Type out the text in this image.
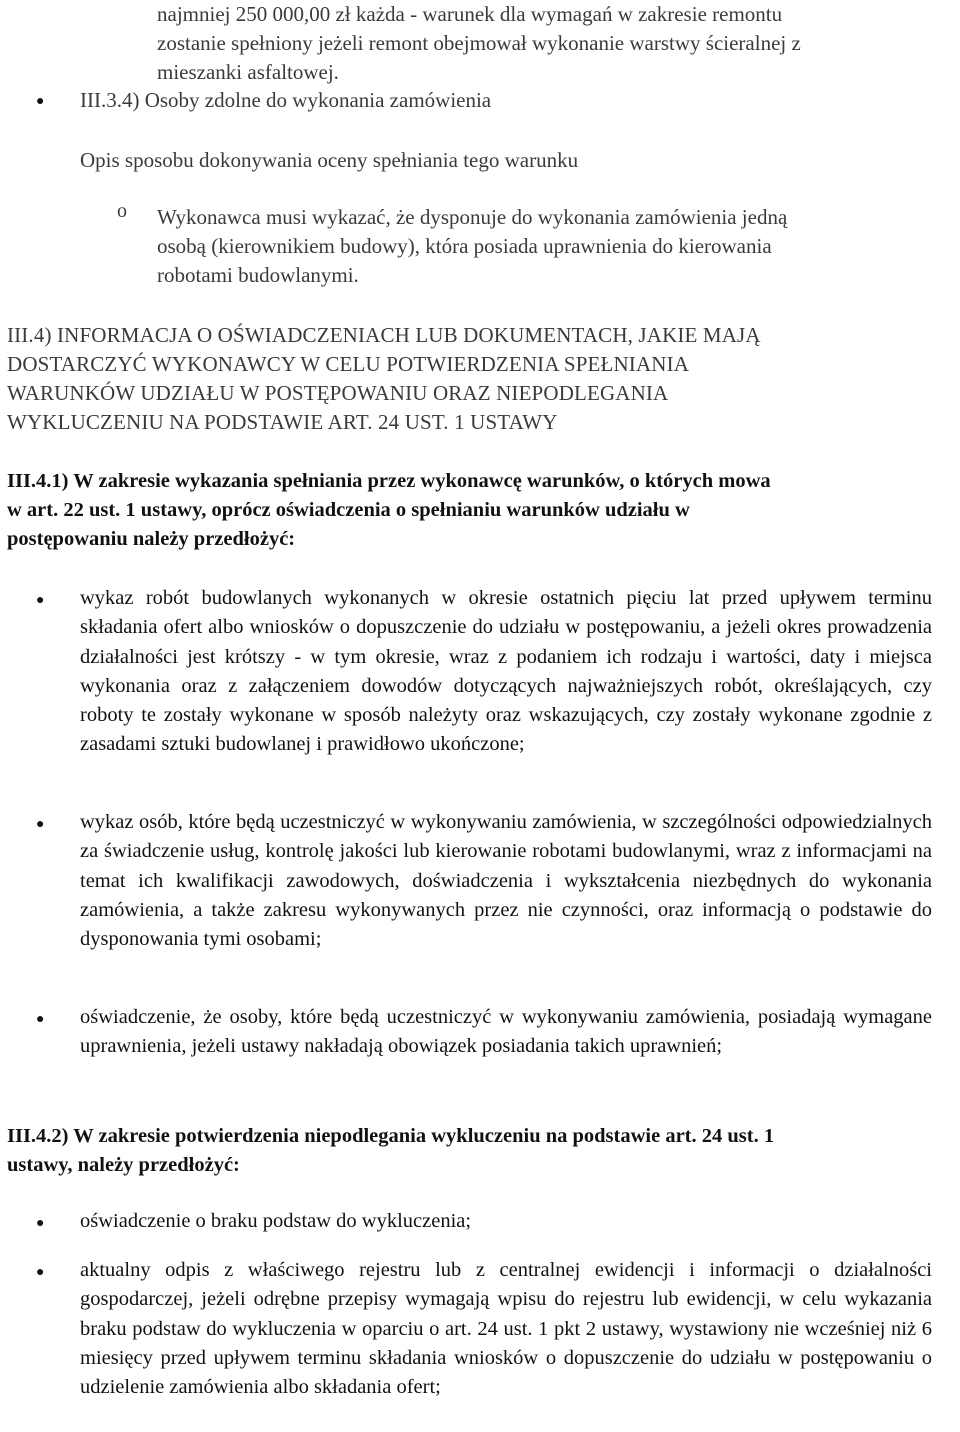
najmniej 250 000,00 zł każda - warunek dla wymagań w zakresie remontu
zostanie spełniony jeżeli remont obejmował wykonanie warstwy ścieralnej z
mieszanki asfaltowej.
● III.3.4) Osoby zdolne do wykonania zamówienia
Opis sposobu dokonywania oceny spełniania tego warunku
o Wykonawca musi wykazać, że dysponuje do wykonania zamówienia jedną
osobą (kierownikiem budowy), która posiada uprawnienia do kierowania
robotami budowlanymi.
III.4) INFORMACJA O OŚWIADCZENIACH LUB DOKUMENTACH, JAKIE MAJĄ
DOSTARCZYĆ WYKONAWCY W CELU POTWIERDZENIA SPEŁNIANIA
WARUNKÓW UDZIAŁU W POSTĘPOWANIU ORAZ NIEPODLEGANIA
WYKLUCZENIU NA PODSTAWIE ART. 24 UST. 1 USTAWY
III.4.1) W zakresie wykazania spełniania przez wykonawcę warunków, o których mowa
w art. 22 ust. 1 ustawy, oprócz oświadczenia o spełnianiu warunków udziału w
postępowaniu należy przedłożyć:
● wykaz robót budowlanych wykonanych w okresie ostatnich pięciu lat przed upływem terminu składania ofert albo wniosków o dopuszczenie do udziału w postępowaniu, a jeżeli okres prowadzenia działalności jest krótszy - w tym okresie, wraz z podaniem ich rodzaju i wartości, daty i miejsca wykonania oraz z załączeniem dowodów dotyczących najważniejszych robót, określających, czy roboty te zostały wykonane w sposób należyty oraz wskazujących, czy zostały wykonane zgodnie z zasadami sztuki budowlanej i prawidłowo ukończone;
● wykaz osób, które będą uczestniczyć w wykonywaniu zamówienia, w szczególności odpowiedzialnych za świadczenie usług, kontrolę jakości lub kierowanie robotami budowlanymi, wraz z informacjami na temat ich kwalifikacji zawodowych, doświadczenia i wykształcenia niezbędnych do wykonania zamówienia, a także zakresu wykonywanych przez nie czynności, oraz informacją o podstawie do dysponowania tymi osobami;
● oświadczenie, że osoby, które będą uczestniczyć w wykonywaniu zamówienia, posiadają wymagane uprawnienia, jeżeli ustawy nakładają obowiązek posiadania takich uprawnień;
III.4.2) W zakresie potwierdzenia niepodlegania wykluczeniu na podstawie art. 24 ust. 1
ustawy, należy przedłożyć:
● oświadczenie o braku podstaw do wykluczenia;
● aktualny odpis z właściwego rejestru lub z centralnej ewidencji i informacji o działalności gospodarczej, jeżeli odrębne przepisy wymagają wpisu do rejestru lub ewidencji, w celu wykazania braku podstaw do wykluczenia w oparciu o art. 24 ust. 1 pkt 2 ustawy, wystawiony nie wcześniej niż 6 miesięcy przed upływem terminu składania wniosków o dopuszczenie do udziału w postępowaniu o udzielenie zamówienia albo składania ofert;
